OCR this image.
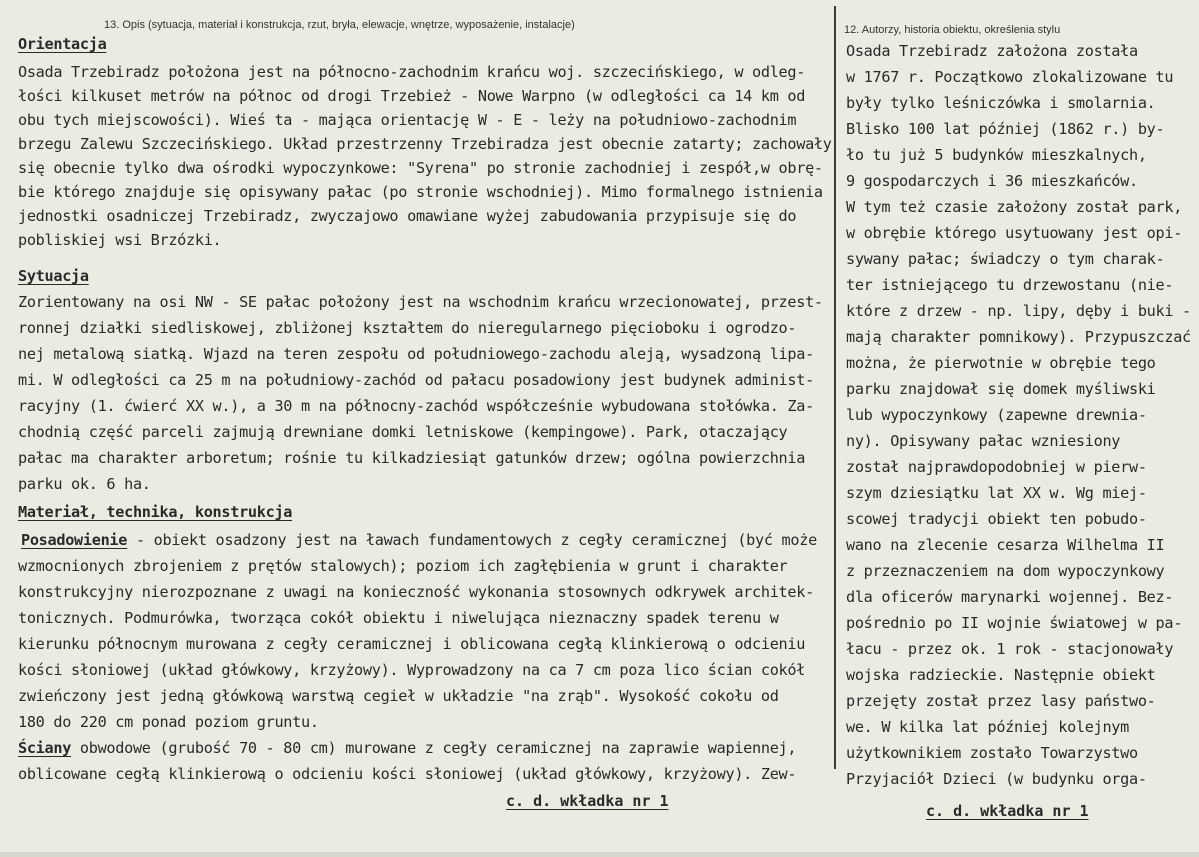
13. Opis (sytuacja, materiał i konstrukcja, rzut, bryła, elewacje, wnętrze, wyposażenie, instalacje)
Orientacja
Osada Trzebiradz położona jest na północno-zachodnim krańcu woj. szczecińskiego, w odleg-
łości kilkuset metrów na północ od drogi Trzebież - Nowe Warpno (w odległości ca 14 km od
obu tych miejscowości). Wieś ta - mająca orientację W - E - leży na południowo-zachodnim
brzegu Zalewu Szczecińskiego. Układ przestrzenny Trzebiradza jest obecnie zatarty; zachowały
się obecnie tylko dwa ośrodki wypoczynkowe: "Syrena" po stronie zachodniej i zespół,w obrę-
bie którego znajduje się opisywany pałac (po stronie wschodniej). Mimo formalnego istnienia
jednostki osadniczej Trzebiradz, zwyczajowo omawiane wyżej zabudowania przypisuje się do
pobliskiej wsi Brzózki.
Sytuacja
Zorientowany na osi NW - SE pałac położony jest na wschodnim krańcu wrzecionowatej, przest-
ronnej działki siedliskowej, zbliżonej kształtem do nieregularnego pięcioboku i ogrodzo-
nej metalową siatką. Wjazd na teren zespołu od południowego-zachodu aleją, wysadzoną lipa-
mi. W odległości ca 25 m na południowy-zachód od pałacu posadowiony jest budynek administ-
racyjny (1. ćwierć XX w.), a 30 m na północny-zachód współcześnie wybudowana stołówka. Za-
chodnią część parceli zajmują drewniane domki letniskowe (kempingowe). Park, otaczający
pałac ma charakter arboretum; rośnie tu kilkadziesiąt gatunków drzew; ogólna powierzchnia
parku ok. 6 ha.
Materiał, technika, konstrukcja
Posadowienie - obiekt osadzony jest na ławach fundamentowych z cegły ceramicznej (być może
wzmocnionych zbrojeniem z prętów stalowych); poziom ich zagłębienia w grunt i charakter
konstrukcyjny nierozpoznane z uwagi na konieczność wykonania stosownych odkrywek architek-
tonicznych. Podmurówka, tworząca cokół obiektu i niwelująca nieznaczny spadek terenu w
kierunku północnym murowana z cegły ceramicznej i oblicowana cegłą klinkierową o odcieniu
kości słoniowej (układ główkowy, krzyżowy). Wyprowadzony na ca 7 cm poza lico ścian cokół
zwieńczony jest jedną główkową warstwą cegieł w układzie "na zrąb". Wysokość cokołu od
180 do 220 cm ponad poziom gruntu.
Ściany obwodowe (grubość 70 - 80 cm) murowane z cegły ceramicznej na zaprawie wapiennej,
oblicowane cegłą klinkierową o odcieniu kości słoniowej (układ główkowy, krzyżowy). Zew-
c. d. wkładka nr 1
12. Autorzy, historia obiektu, określenia stylu
Osada Trzebiradz założona została
w 1767 r. Początkowo zlokalizowane tu
były tylko leśniczówka i smolarnia.
Blisko 100 lat później (1862 r.) by-
ło tu już 5 budynków mieszkalnych,
9 gospodarczych i 36 mieszkańców.
W tym też czasie założony został park,
w obrębie którego usytuowany jest opi-
sywany pałac; świadczy o tym charak-
ter istniejącego tu drzewostanu (nie-
które z drzew - np. lipy, dęby i buki -
mają charakter pomnikowy). Przypuszczać
można, że pierwotnie w obrębie tego
parku znajdował się domek myśliwski
lub wypoczynkowy (zapewne drewnia-
ny). Opisywany pałac wzniesiony
został najprawdopodobniej w pierw-
szym dziesiątku lat XX w. Wg miej-
scowej tradycji obiekt ten pobudo-
wano na zlecenie cesarza Wilhelma II
z przeznaczeniem na dom wypoczynkowy
dla oficerów marynarki wojennej. Bez-
pośrednio po II wojnie światowej w pa-
łacu - przez ok. 1 rok - stacjonowały
wojska radzieckie. Następnie obiekt
przejęty został przez lasy państwo-
we. W kilka lat później kolejnym
użytkownikiem zostało Towarzystwo
Przyjaciół Dzieci (w budynku orga-
c. d. wkładka nr 1
